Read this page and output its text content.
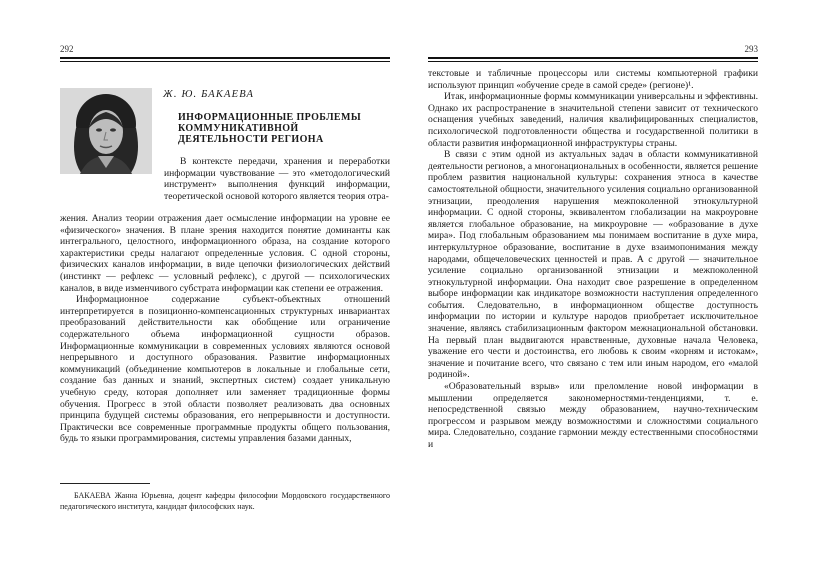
292
Ж. Ю. БАКАЕВА
ИНФОРМАЦИОННЫЕ ПРОБЛЕМЫ
КОММУНИКАТИВНОЙ
ДЕЯТЕЛЬНОСТИ РЕГИОНА

В контексте передачи, хранения и переработки информации чувствование — это «методологический инструмент» выполнения функций информации, теоретической основой которого является теория отра-

жения. Анализ теории отражения дает осмысление информации на уровне ее «физического» значения. В плане зрения находится понятие доминанты как интегрального, целостного, информационного образа, на создание которого характеристики среды налагают определенные условия. С одной стороны, физических каналов информации, в виде цепочки физиологических действий (инстинкт — рефлекс — условный рефлекс), с другой — психологических каналов, в виде изменчивого субстрата информации как степени ее отражения.

Информационное содержание субъект-объектных отношений интерпретируется в позиционно-компенсационных структурных инвариантах преобразований действительности как обобщение или ограничение содержательного объема информационной сущности образов. Информационные коммуникации в современных условиях являются основой непрерывного и доступного образования. Развитие информационных коммуникаций (объединение компьютеров в локальные и глобальные сети, создание баз данных и знаний, экспертных систем) создает уникальную учебную среду, которая дополняет или заменяет традиционные формы обучения. Прогресс в этой области позволяет реализовать два основных принципа будущей системы образования, его непрерывности и доступности. Практически все современные программные продукты общего пользования, будь то языки программирования, системы управления базами данных,

БАКАЕВА Жанна Юрьевна, доцент кафедры философии Мордовского государственного педагогического института, кандидат философских наук.
293

текстовые и табличные процессоры или системы компьютерной графики используют принцип «обучение среде в самой среде» (регионе)¹.

Итак, информационные формы коммуникации универсальны и эффективны. Однако их распространение в значительной степени зависит от технического оснащения учебных заведений, наличия квалифицированных специалистов, психологической подготовленности общества и государственной политики в области развития информационной инфраструктуры страны.

В связи с этим одной из актуальных задач в области коммуникативной деятельности регионов, а многонациональных в особенности, является решение проблем развития национальной культуры: сохранения этноса в качестве самостоятельной общности, значительного усиления социально организованной этнизации, преодоления нарушения межпоколенной этнокультурной информации. С одной стороны, эквивалентом глобализации на макроуровне является глобальное образование, на микроуровне — «образование в духе мира». Под глобальным образованием мы понимаем воспитание в духе мира, интеркультурное образование, воспитание в духе взаимопонимания между народами, общечеловеческих ценностей и прав. А с другой — значительное усиление социально организованной этнизации и межпоколенной этнокультурной информации. Она находит свое разрешение в определенном выборе информации как индикаторе возможности наступления определенного события. Следовательно, в информационном обществе доступность информации по истории и культуре народов приобретает исключительное значение, являясь стабилизационным фактором межнациональной обстановки. На первый план выдвигаются нравственные, духовные начала Человека, уважение его чести и достоинства, его любовь к своим «корням и истокам», значение и почитание всего, что связано с тем или иным народом, его «малой родиной».

«Образовательный взрыв» или преломление новой информации в мышлении определяется закономерностями-тенденциями, т. е. непосредственной связью между образованием, научно-техническим прогрессом и разрывом между возможностями и сложностями социального мира. Следовательно, создание гармонии между естественными способностями и
